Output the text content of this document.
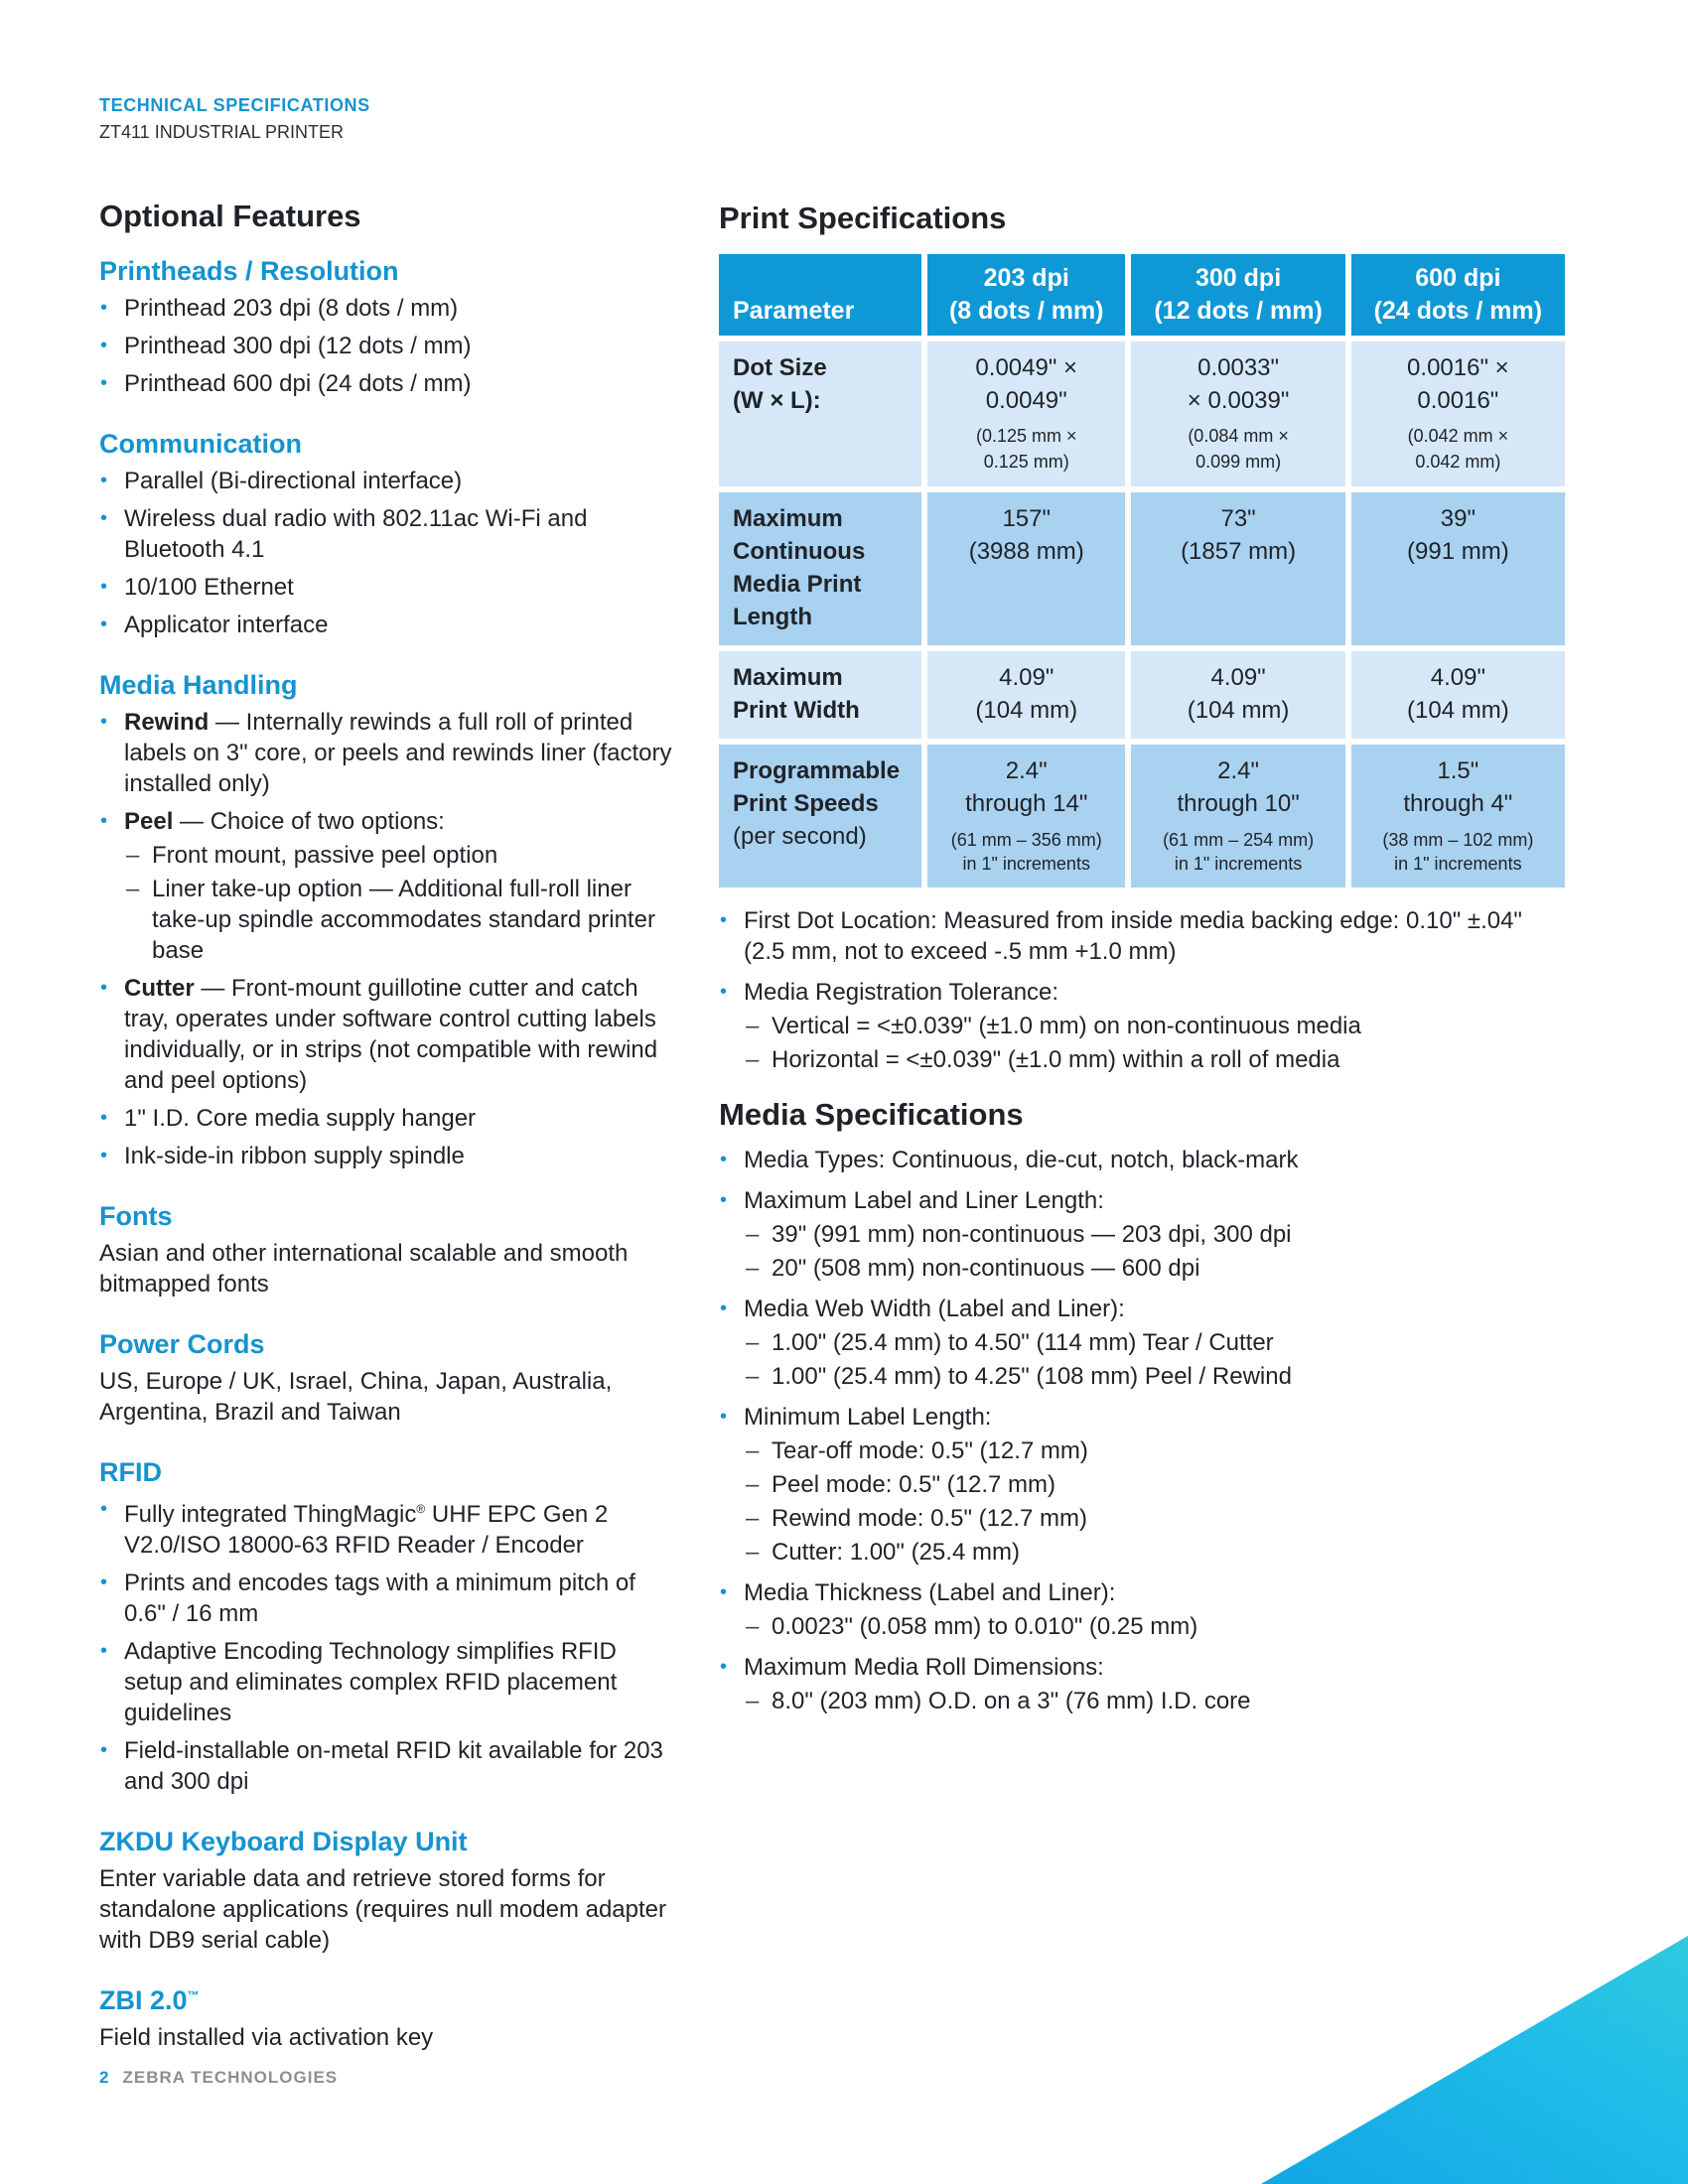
TECHNICAL SPECIFICATIONS
ZT411 INDUSTRIAL PRINTER
Optional Features
Printheads / Resolution
• Printhead 203 dpi (8 dots / mm)
• Printhead 300 dpi (12 dots / mm)
• Printhead 600 dpi (24 dots / mm)
Communication
• Parallel (Bi-directional interface)
• Wireless dual radio with 802.11ac Wi-Fi and Bluetooth 4.1
• 10/100 Ethernet
• Applicator interface
Media Handling
• Rewind — Internally rewinds a full roll of printed labels on 3" core, or peels and rewinds liner (factory installed only)
• Peel — Choice of two options:
– Front mount, passive peel option
– Liner take-up option — Additional full-roll liner take-up spindle accommodates standard printer base
• Cutter — Front-mount guillotine cutter and catch tray, operates under software control cutting labels individually, or in strips (not compatible with rewind and peel options)
• 1" I.D. Core media supply hanger
• Ink-side-in ribbon supply spindle
Fonts

Asian and other international scalable and smooth bitmapped fonts

Power Cords

US, Europe / UK, Israel, China, Japan, Australia, Argentina, Brazil and Taiwan

RFID
• Fully integrated ThingMagic® UHF EPC Gen 2 V2.0/ISO 18000-63 RFID Reader / Encoder
• Prints and encodes tags with a minimum pitch of 0.6" / 16 mm
• Adaptive Encoding Technology simplifies RFID setup and eliminates complex RFID placement guidelines
• Field-installable on-metal RFID kit available for 203 and 300 dpi
ZKDU Keyboard Display Unit

Enter variable data and retrieve stored forms for standalone applications (requires null modem adapter with DB9 serial cable)

ZBI 2.0™

Field installed via activation key

Print Specifications
Parameter	203 dpi
(8 dots / mm)	300 dpi
(12 dots / mm)	600 dpi
(24 dots / mm)
Dot Size
(W × L):	0.0049" ×
0.0049"
(0.125 mm ×
0.125 mm)	0.0033"
× 0.0039"
(0.084 mm ×
0.099 mm)	0.0016" ×
0.0016"
(0.042 mm ×
0.042 mm)

Maximum
Continuous
Media Print
Length	157"
(3988 mm)	73"
(1857 mm)	39"
(991 mm)
Maximum
Print Width	4.09"
(104 mm)	4.09"
(104 mm)	4.09"
(104 mm)
Programmable
Print Speeds
(per second)	2.4"
through 14"
(61 mm – 356 mm)
in 1" increments	2.4"
through 10"
(61 mm – 254 mm)
in 1" increments	1.5"
through 4"
(38 mm – 102 mm)
in 1" increments
• First Dot Location: Measured from inside media backing edge: 0.10" ±.04" (2.5 mm, not to exceed -.5 mm +1.0 mm)
• Media Registration Tolerance:
– Vertical = <±0.039" (±1.0 mm) on non-continuous media
– Horizontal = <±0.039" (±1.0 mm) within a roll of media
Media Specifications
• Media Types: Continuous, die-cut, notch, black-mark
• Maximum Label and Liner Length:
– 39" (991 mm) non-continuous — 203 dpi, 300 dpi
– 20" (508 mm) non-continuous — 600 dpi
• Media Web Width (Label and Liner):
– 1.00" (25.4 mm) to 4.50" (114 mm) Tear / Cutter
– 1.00" (25.4 mm) to 4.25" (108 mm) Peel / Rewind
• Minimum Label Length:
– Tear-off mode: 0.5" (12.7 mm)
– Peel mode: 0.5" (12.7 mm)
– Rewind mode: 0.5" (12.7 mm)
– Cutter: 1.00" (25.4 mm)
• Media Thickness (Label and Liner):
– 0.0023" (0.058 mm) to 0.010" (0.25 mm)
• Maximum Media Roll Dimensions:
– 8.0" (203 mm) O.D. on a 3" (76 mm) I.D. core
2 ZEBRA TECHNOLOGIES
